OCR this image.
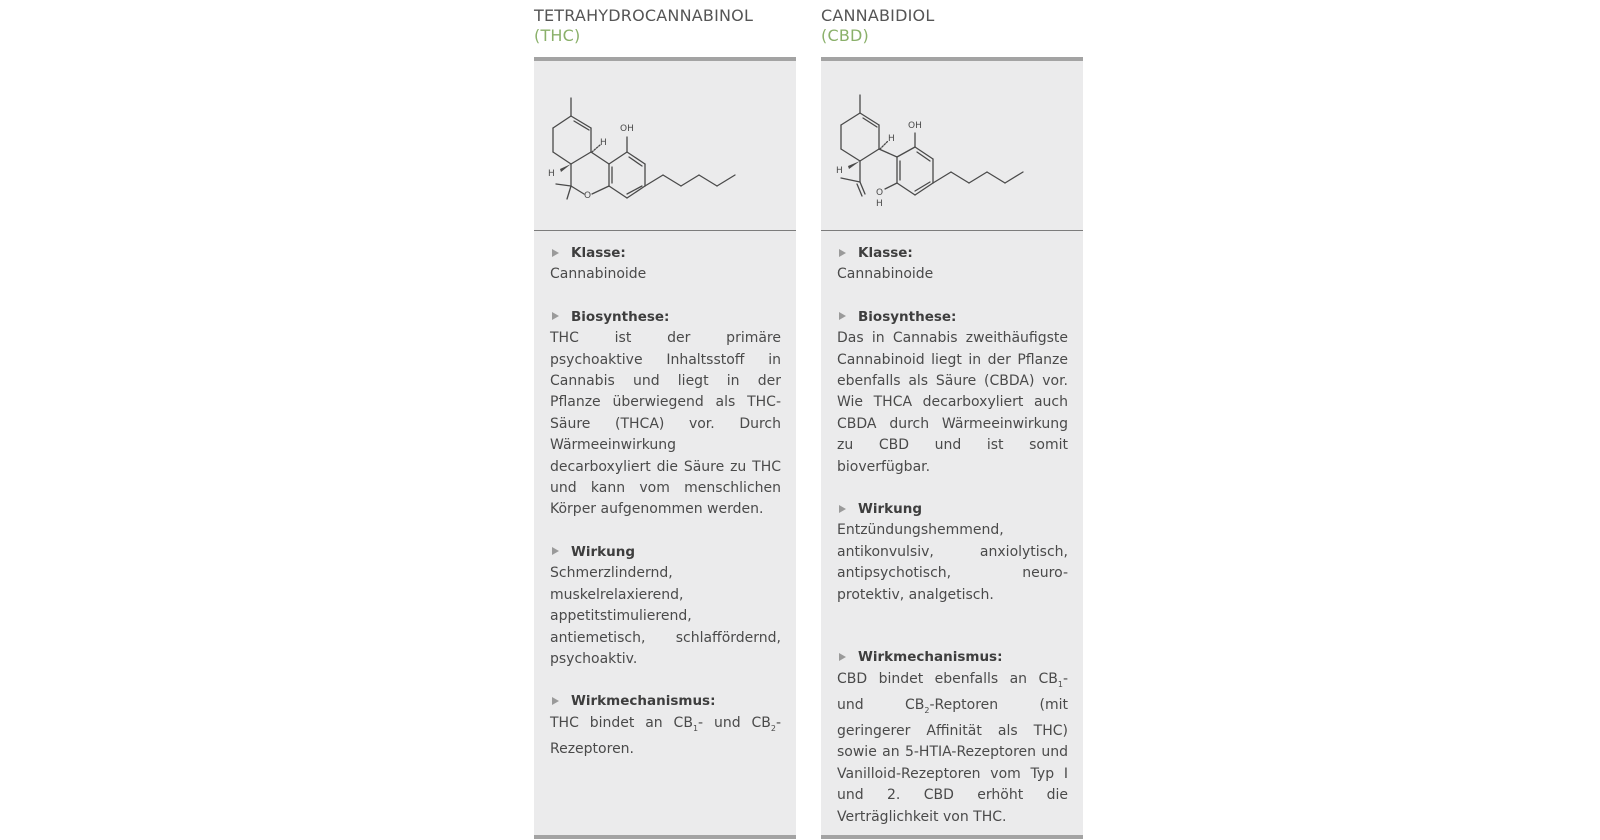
TETRAHYDROCANNABINOL
(THC)
OH
H
H
O
Klasse:
Cannabinoide
Biosynthese:
THC ist der primäre psychoaktive Inhaltsstoff in Cannabis und liegt in der Pflanze überwiegend als THC-Säure (THCA) vor. Durch Wärmeeinwirkung decarboxyliert die Säure zu THC und kann vom menschlichen Körper aufgenommen werden.
Wirkung
Schmerzlindernd, muskelrelaxierend, appetitstimulierend, antiemetisch, schlaffördernd, psychoaktiv.
Wirkmechanismus:
THC bindet an $CB_1-$ und $CB_2$-Rezeptoren.
CANNABIDIOL
(CBD)
OH
H
H
O
H
Klasse:
Cannabinoide
Biosynthese:
Das in Cannabis zweithäufigste Cannabinoid liegt in der Pflanze ebenfalls als Säure (CBDA) vor. Wie THCA decarboxyliert auch CBDA durch Wärmeeinwirkung zu CBD und ist somit bioverfügbar.
Wirkung
Entzündungshemmend, antikonvulsiv, anxiolytisch, antipsychotisch, neuro-protektiv, analgetisch.
Wirkmechanismus:
CBD bindet ebenfalls an $CB_1-$ und $CB_2$-Reptoren (mit geringerer Affinität als THC) sowie an 5-HTIA-Rezeptoren und Vanilloid-Rezeptoren vom Typ I und 2. CBD erhöht die Verträglichkeit von THC.
